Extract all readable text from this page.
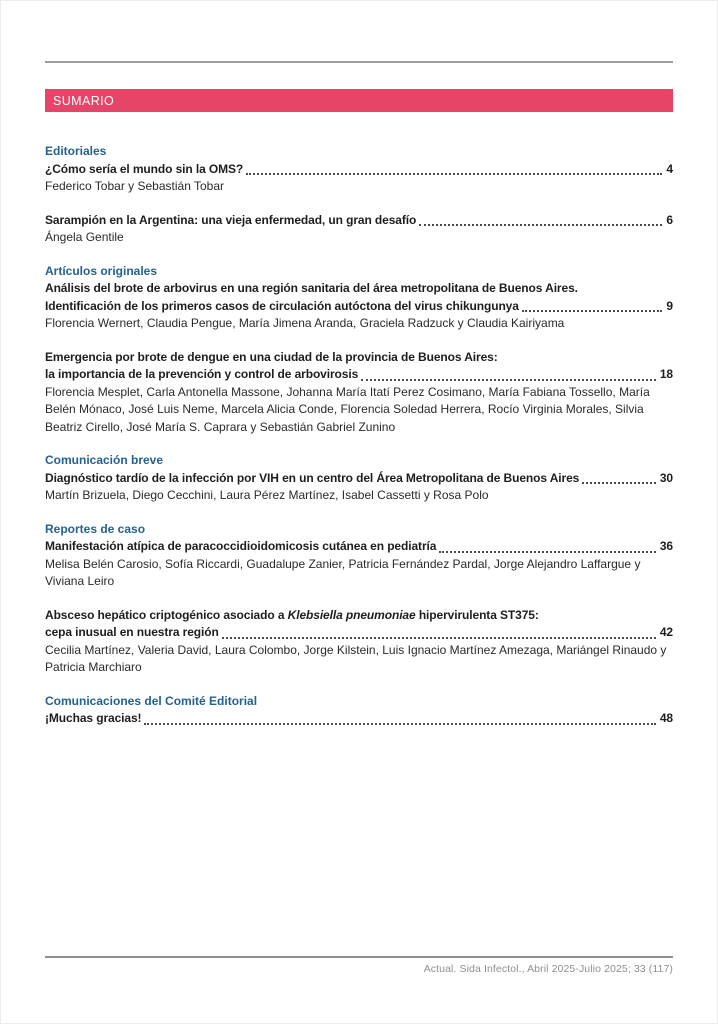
SUMARIO
Editoriales
¿Cómo sería el mundo sin la OMS?	4
Federico Tobar y Sebastián Tobar
Sarampión en la Argentina: una vieja enfermedad, un gran desafío	6
Ángela Gentile
Artículos originales
Análisis del brote de arbovirus en una región sanitaria del área metropolitana de Buenos Aires.
Identificación de los primeros casos de circulación autóctona del virus chikungunya	9
Florencia Wernert, Claudia Pengue, María Jimena Aranda, Graciela Radzuck y Claudia Kairiyama
Emergencia por brote de dengue en una ciudad de la provincia de Buenos Aires:
la importancia de la prevención y control de arbovirosis	18
Florencia Mesplet, Carla Antonella Massone, Johanna María Itatí Perez Cosimano, María Fabiana Tossello, María Belén Mónaco, José Luis Neme, Marcela Alicia Conde, Florencia Soledad Herrera, Rocío Virginia Morales, Silvia Beatriz Cirello, José María S. Caprara y Sebastián Gabriel Zunino
Comunicación breve
Diagnóstico tardío de la infección por VIH en un centro del Área Metropolitana de Buenos Aires	30
Martín Brizuela, Diego Cecchini, Laura Pérez Martínez, Isabel Cassetti y Rosa Polo
Reportes de caso
Manifestación atípica de paracoccidioidomicosis cutánea en pediatría	36
Melisa Belén Carosio, Sofía Riccardi, Guadalupe Zanier, Patricia Fernández Pardal, Jorge Alejandro Laffargue y Viviana Leiro
Absceso hepático criptogénico asociado a Klebsiella pneumoniae hipervirulenta ST375:
cepa inusual en nuestra región	42
Cecilia Martínez, Valeria David, Laura Colombo, Jorge Kilstein, Luis Ignacio Martínez Amezaga, Mariángel Rinaudo y Patricia Marchiaro
Comunicaciones del Comité Editorial
¡Muchas gracias!	48
Actual. Sida Infectol., Abril 2025-Julio 2025; 33 (117)
